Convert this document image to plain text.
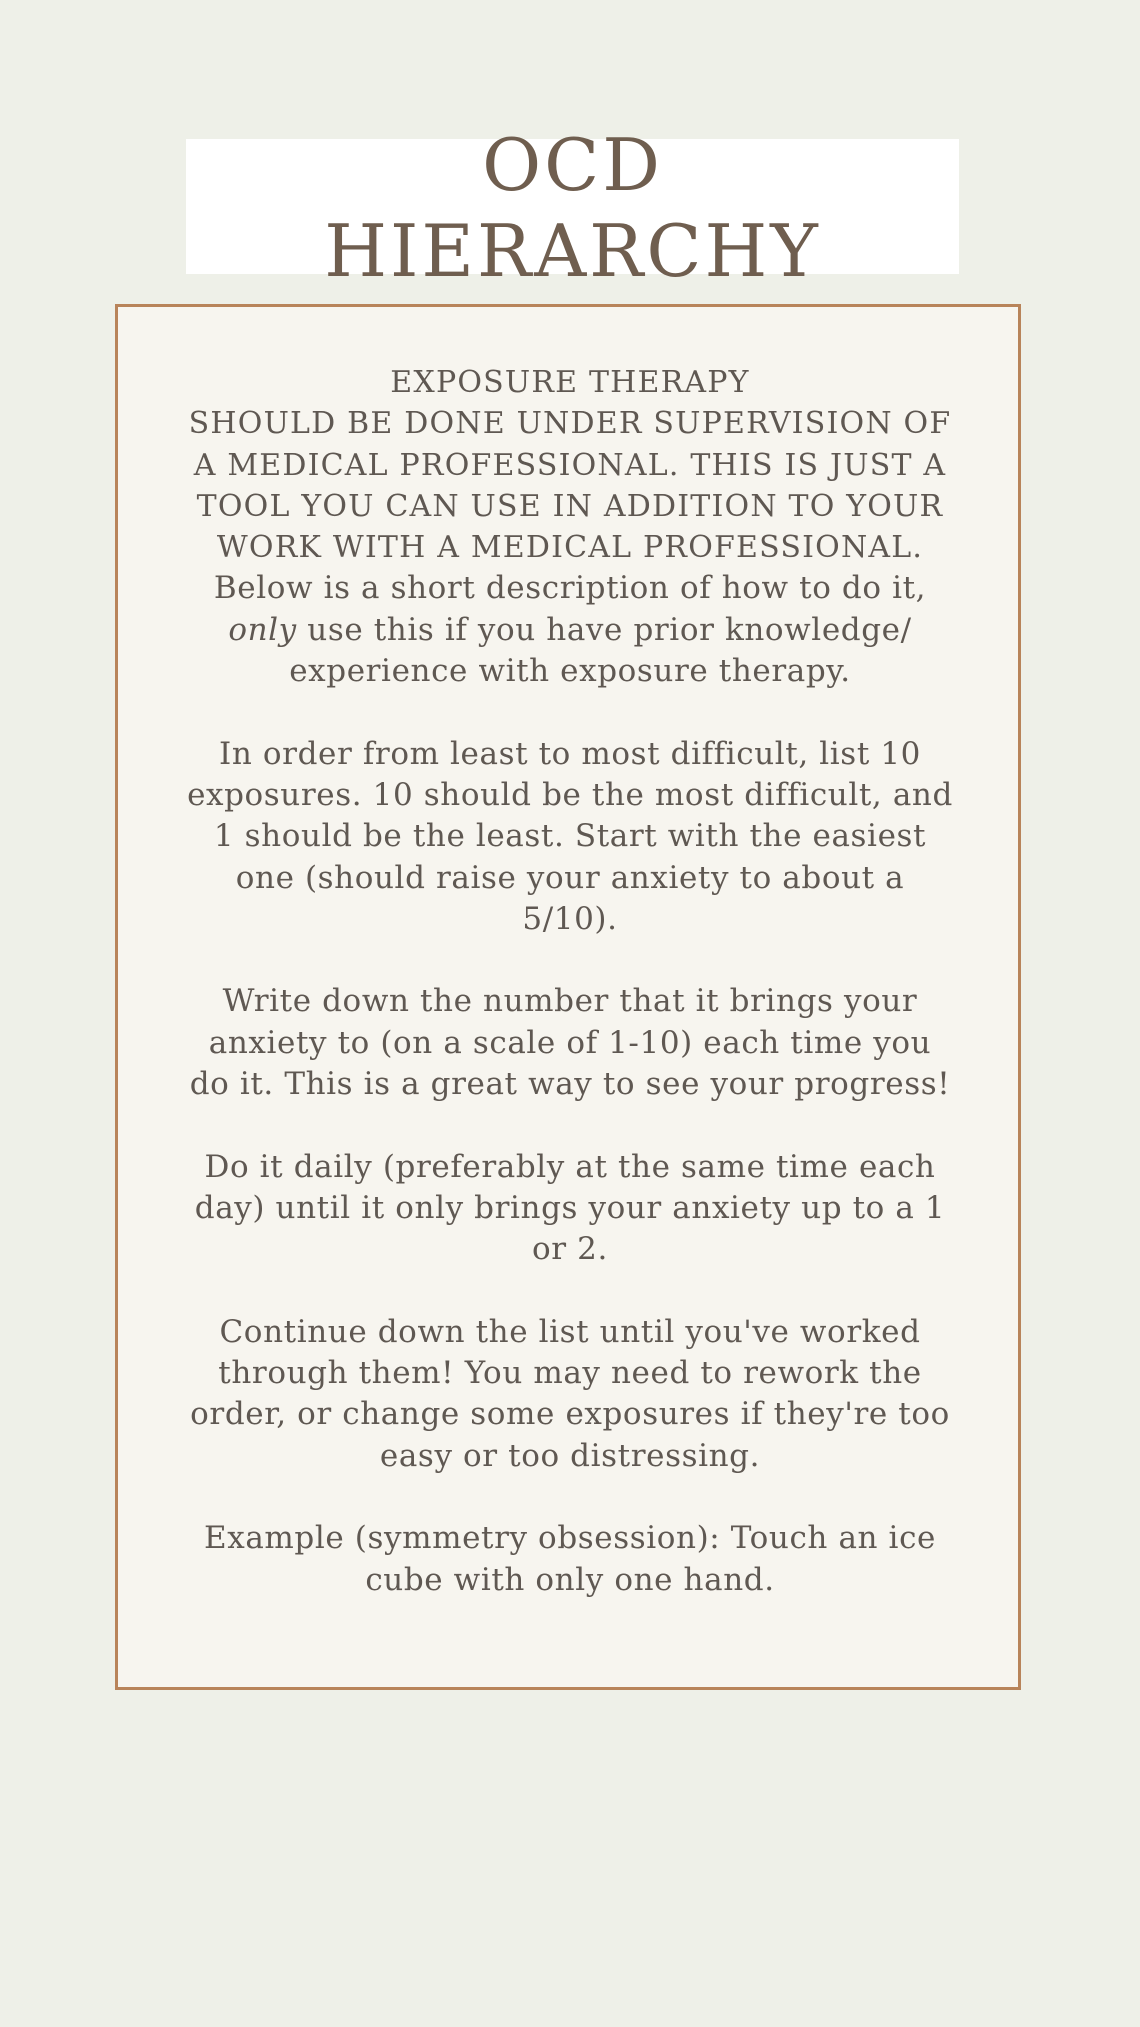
OCD
HIERARCHY

EXPOSURE THERAPY

SHOULD BE DONE UNDER SUPERVISION OF

A MEDICAL PROFESSIONAL. THIS IS JUST A

TOOL YOU CAN USE IN ADDITION TO YOUR

WORK WITH A MEDICAL PROFESSIONAL.

Below is a short description of how to do it,

only use this if you have prior knowledge/

experience with exposure therapy.

In order from least to most difficult, list 10

exposures. 10 should be the most difficult, and

1 should be the least. Start with the easiest

one (should raise your anxiety to about a

5/10).

Write down the number that it brings your

anxiety to (on a scale of 1-10) each time you

do it. This is a great way to see your progress!

Do it daily (preferably at the same time each

day) until it only brings your anxiety up to a 1

or 2.

Continue down the list until you've worked

through them! You may need to rework the

order, or change some exposures if they're too

easy or too distressing.

Example (symmetry obsession): Touch an ice

cube with only one hand.
